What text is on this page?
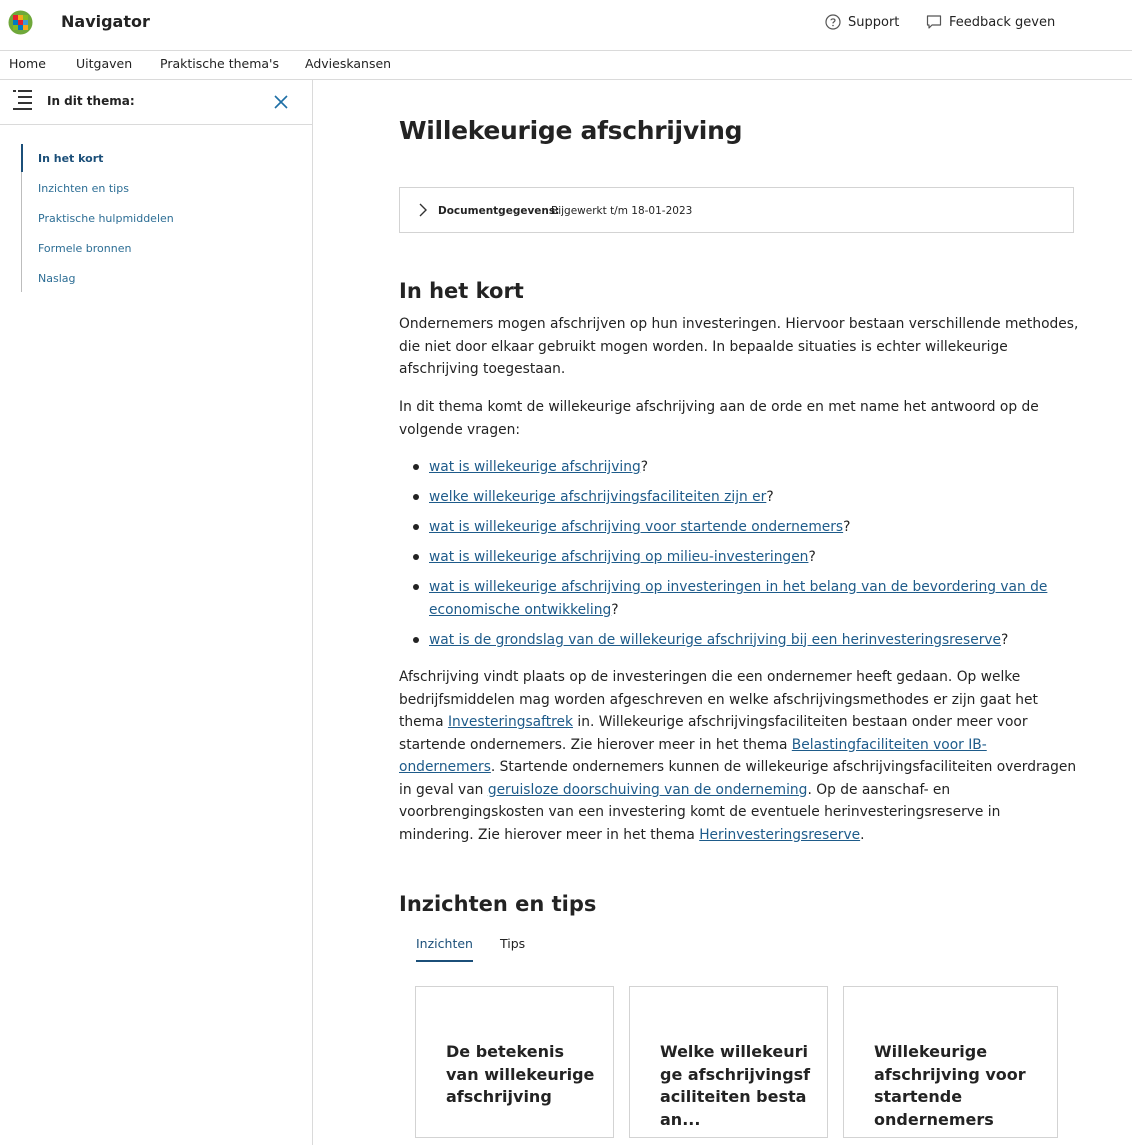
Navigator	Support	Feedback geven
Home Uitgaven Praktische thema's Advieskansen
In dit thema:
In het kort
Inzichten en tips
Praktische hulpmiddelen
Formele bronnen
Naslag
Willekeurige afschrijving
Documentgegevens:
Bijgewerkt t/m 18-01-2023
In het kort

Ondernemers mogen afschrijven op hun investeringen. Hiervoor bestaan verschillende methodes, die niet door elkaar gebruikt mogen worden. In bepaalde situaties is echter willekeurige afschrijving toegestaan.

In dit thema komt de willekeurige afschrijving aan de orde en met name het antwoord op de volgende vragen:

wat is willekeurige afschrijving?
welke willekeurige afschrijvingsfaciliteiten zijn er?
wat is willekeurige afschrijving voor startende ondernemers?
wat is willekeurige afschrijving op milieu-investeringen?
wat is willekeurige afschrijving op investeringen in het belang van de bevordering van de economische ontwikkeling?
wat is de grondslag van de willekeurige afschrijving bij een herinvesteringsreserve?

Afschrijving vindt plaats op de investeringen die een ondernemer heeft gedaan. Op welke bedrijfsmiddelen mag worden afgeschreven en welke afschrijvingsmethodes er zijn gaat het thema Investeringsaftrek in. Willekeurige afschrijvingsfaciliteiten bestaan onder meer voor startende ondernemers. Zie hierover meer in het thema Belastingfaciliteiten voor IB-ondernemers. Startende ondernemers kunnen de willekeurige afschrijvingsfaciliteiten overdragen in geval van geruisloze doorschuiving van de onderneming. Op de aanschaf- en voorbrengingskosten van een investering komt de eventuele herinvesteringsreserve in mindering. Zie hierover meer in het thema Herinvesteringsreserve.

Inzichten en tips
Inzichten Tips
De betekenis van willekeurige afschrijving
Welke willekeurige afschrijvingsfaciliteiten bestaan...
Willekeurige afschrijving voor startende ondernemers
